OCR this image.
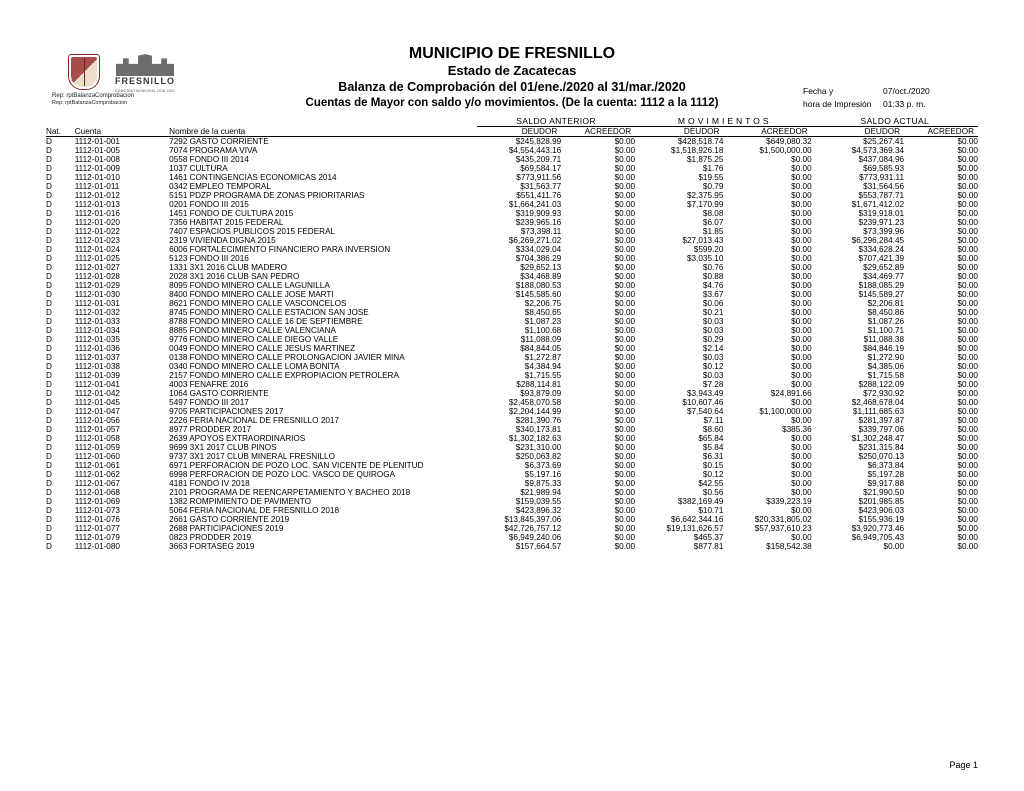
FRESNILLO
GOBIERNO MUNICIPAL 2018-2021
MUNICIPIO DE FRESNILLO
Estado de Zacatecas
Balanza de Comprobación del 01/ene./2020 al 31/mar./2020
Cuentas de Mayor con saldo y/o movimientos. (De la cuenta: 1112 a la 1112)
Rep: rptBalanzaComprobacion
Rep: rptBalanzaComprobacion
Fecha y	07/oct./2020
hora de Impresión	01:33 p. m.
			SALDO ANTERIOR		M O V I M I E N T O S		SALDO ACTUAL	
Nat.	Cuenta	Nombre de la cuenta	DEUDOR	ACREEDOR	DEUDOR	ACREEDOR	DEUDOR	ACREEDOR

D	1112-01-001	7292 GASTO CORRIENTE	$245,828.99	$0.00	$428,518.74	$649,080.32	$25,267.41	$0.00
D	1112-01-005	7074 PROGRAMA VIVA	$4,554,443.16	$0.00	$1,518,926.18	$1,500,000.00	$4,573,369.34	$0.00
D	1112-01-008	0558 FONDO III 2014	$435,209.71	$0.00	$1,875.25	$0.00	$437,084.96	$0.00
D	1112-01-009	1037 CULTURA	$69,584.17	$0.00	$1.76	$0.00	$69,585.93	$0.00
D	1112-01-010	1461 CONTINGENCIAS ECONOMICAS 2014	$773,911.56	$0.00	$19.55	$0.00	$773,931.11	$0.00
D	1112-01-011	0342 EMPLEO TEMPORAL	$31,563.77	$0.00	$0.79	$0.00	$31,564.56	$0.00
D	1112-01-012	5151 PDZP PROGRAMA DE ZONAS PRIORITARIAS	$551,411.76	$0.00	$2,375.95	$0.00	$553,787.71	$0.00
D	1112-01-013	0201 FONDO III 2015	$1,664,241.03	$0.00	$7,170.99	$0.00	$1,671,412.02	$0.00
D	1112-01-016	1451 FONDO DE CULTURA 2015	$319,909.93	$0.00	$8.08	$0.00	$319,918.01	$0.00
D	1112-01-020	7356 HABITAT 2015 FEDERAL	$239,965.16	$0.00	$6.07	$0.00	$239,971.23	$0.00
D	1112-01-022	7407 ESPACIOS PUBLICOS 2015 FEDERAL	$73,398.11	$0.00	$1.85	$0.00	$73,399.96	$0.00
D	1112-01-023	2319 VIVIENDA DIGNA 2015	$6,269,271.02	$0.00	$27,013.43	$0.00	$6,296,284.45	$0.00
D	1112-01-024	6006 FORTALECIMIENTO FINANCIERO PARA INVERSION	$334,029.04	$0.00	$599.20	$0.00	$334,628.24	$0.00
D	1112-01-025	5123 FONDO III 2016	$704,386.29	$0.00	$3,035.10	$0.00	$707,421.39	$0.00
D	1112-01-027	1331 3X1 2016 CLUB MADERO	$29,652.13	$0.00	$0.76	$0.00	$29,652.89	$0.00
D	1112-01-028	2028 3X1 2016 CLUB SAN PEDRO	$34,468.89	$0.00	$0.88	$0.00	$34,469.77	$0.00
D	1112-01-029	8095 FONDO MINERO CALLE LAGUNILLA	$188,080.53	$0.00	$4.76	$0.00	$188,085.29	$0.00
D	1112-01-030	8400 FONDO MINERO CALLE JOSE MARTI	$145,585.60	$0.00	$3.67	$0.00	$145,589.27	$0.00
D	1112-01-031	8621 FONDO MINERO CALLE VASCONCELOS	$2,206.75	$0.00	$0.06	$0.00	$2,206.81	$0.00
D	1112-01-032	8745 FONDO MINERO CALLE ESTACION SAN JOSE	$8,450.65	$0.00	$0.21	$0.00	$8,450.86	$0.00
D	1112-01-033	8788 FONDO MINERO CALLE 16 DE SEPTIEMBRE	$1,087.23	$0.00	$0.03	$0.00	$1,087.26	$0.00
D	1112-01-034	8885 FONDO MINERO CALLE VALENCIANA	$1,100.68	$0.00	$0.03	$0.00	$1,100.71	$0.00
D	1112-01-035	9776 FONDO MINERO CALLE DIEGO VALLE	$11,088.09	$0.00	$0.29	$0.00	$11,088.38	$0.00
D	1112-01-036	0049 FONDO MINERO CALLE JESUS MARTINEZ	$84,844.05	$0.00	$2.14	$0.00	$84,846.19	$0.00
D	1112-01-037	0138 FONDO MINERO CALLE PROLONGACION JAVIER MINA	$1,272.87	$0.00	$0.03	$0.00	$1,272.90	$0.00
D	1112-01-038	0340 FONDO MINERO CALLE LOMA BONITA	$4,384.94	$0.00	$0.12	$0.00	$4,385.06	$0.00
D	1112-01-039	2157 FONDO MINERO CALLE EXPROPIACION PETROLERA	$1,715.55	$0.00	$0.03	$0.00	$1,715.58	$0.00
D	1112-01-041	4003 FENAFRE 2016	$288,114.81	$0.00	$7.28	$0.00	$288,122.09	$0.00
D	1112-01-042	1064 GASTO CORRIENTE	$93,879.09	$0.00	$3,943.49	$24,891.66	$72,930.92	$0.00
D	1112-01-045	5497 FONDO III 2017	$2,458,070.58	$0.00	$10,607.46	$0.00	$2,468,678.04	$0.00
D	1112-01-047	9705 PARTICIPACIONES 2017	$2,204,144.99	$0.00	$7,540.64	$1,100,000.00	$1,111,685.63	$0.00
D	1112-01-056	2226 FERIA NACIONAL DE FRESNILLO 2017	$281,390.76	$0.00	$7.11	$0.00	$281,397.87	$0.00
D	1112-01-057	8977 PRODDER 2017	$340,173.81	$0.00	$8.60	$385.36	$339,797.06	$0.00
D	1112-01-058	2639 APOYOS EXTRAORDINARIOS	$1,302,182.63	$0.00	$65.84	$0.00	$1,302,248.47	$0.00
D	1112-01-059	9699 3X1 2017 CLUB PINOS	$231,310.00	$0.00	$5.84	$0.00	$231,315.84	$0.00
D	1112-01-060	9737 3X1 2017 CLUB MINERAL FRESNILLO	$250,063.82	$0.00	$6.31	$0.00	$250,070.13	$0.00
D	1112-01-061	6971 PERFORACION DE POZO LOC. SAN VICENTE DE PLENITUD	$6,373.69	$0.00	$0.15	$0.00	$6,373.84	$0.00
D	1112-01-062	6998 PERFORACION DE POZO LOC. VASCO DE QUIROGA	$5,197.16	$0.00	$0.12	$0.00	$5,197.28	$0.00
D	1112-01-067	4181 FONDO IV 2018	$9,875.33	$0.00	$42.55	$0.00	$9,917.88	$0.00
D	1112-01-068	2101 PROGRAMA DE REENCARPETAMIENTO Y BACHEO 2018	$21,989.94	$0.00	$0.56	$0.00	$21,990.50	$0.00
D	1112-01-069	1382 ROMPIMIENTO DE PAVIMENTO	$159,039.55	$0.00	$382,169.49	$339,223.19	$201,985.85	$0.00
D	1112-01-073	5064 FERIA NACIONAL DE FRESNILLO 2018	$423,896.32	$0.00	$10.71	$0.00	$423,906.03	$0.00
D	1112-01-076	2661 GASTO CORRIENTE 2019	$13,845,397.06	$0.00	$6,642,344.16	$20,331,805.02	$155,936.19	$0.00
D	1112-01-077	2688 PARTICIPACIONES 2019	$42,726,757.12	$0.00	$19,131,626.57	$57,937,610.23	$3,920,773.46	$0.00
D	1112-01-079	0823 PRODDER 2019	$6,949,240.06	$0.00	$465.37	$0.00	$6,949,705.43	$0.00
D	1112-01-080	3663 FORTASEG 2019	$157,664.57	$0.00	$877.81	$158,542.38	$0.00	$0.00
Page 1
